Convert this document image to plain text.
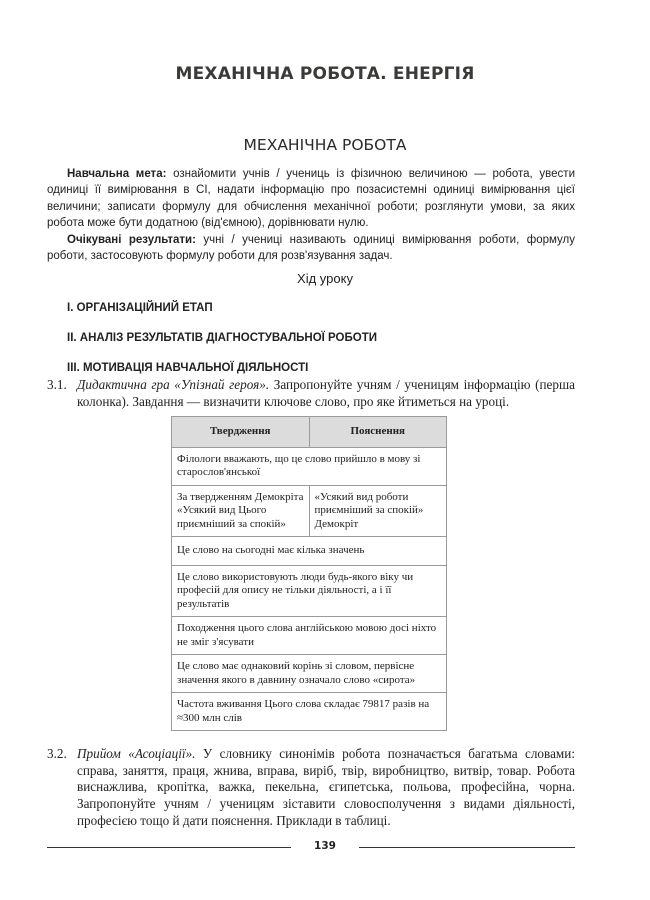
МЕХАНІЧНА РОБОТА. ЕНЕРГІЯ
МЕХАНІЧНА РОБОТА
Навчальна мета: ознайомити учнів / учениць із фізичною величиною — робота, увести одиниці її вимірювання в СІ, надати інформацію про позасистемні одиниці вимірювання цієї величини; записати формулу для обчислення механічної роботи; розглянути умови, за яких робота може бути додатною (від'ємною), дорівнювати нулю.
Очікувані результати: учні / учениці називають одиниці вимірювання роботи, формулу роботи, застосовують формулу роботи для розв'язування задач.
Хід уроку
І. ОРГАНІЗАЦІЙНИЙ ЕТАП
ІІ. АНАЛІЗ РЕЗУЛЬТАТІВ ДІАГНОСТУВАЛЬНОЇ РОБОТИ
ІІІ. МОТИВАЦІЯ НАВЧАЛЬНОЇ ДІЯЛЬНОСТІ
3.1. Дидактична гра «Упізнай героя». Запропонуйте учням / ученицям інформацію (перша колонка). Завдання — визначити ключове слово, про яке йтиметься на уроці.
Твердження	Пояснення
Філологи вважають, що це слово прийшло в мову зі старослов'янської	
За твердженням Демокріта «Усякий вид Цього приємніший за спокій»	«Усякий вид роботи приємніший за спокій» Демокріт
Це слово на сьогодні має кілька значень	
Це слово використовують люди будь-якого віку чи професій для опису не тільки діяльності, а і її результатів	
Походження цього слова англійською мовою досі ніхто не зміг з'ясувати	
Це слово має однаковий корінь зі словом, первісне значення якого в давнину означало слово «сирота»	
Частота вживання Цього слова складає 79817 разів на ≈300 млн слів	
3.2. Прийом «Асоціації». У словнику синонімів робота позначається багатьма словами: справа, заняття, праця, жнива, вправа, виріб, твір, виробництво, витвір, товар. Робота виснажлива, кропітка, важка, пекельна, єгипетська, польова, професійна, чорна. Запропонуйте учням / ученицям зіставити словосполучення з видами діяльності, професією тощо й дати пояснення. Приклади в таблиці.
139
